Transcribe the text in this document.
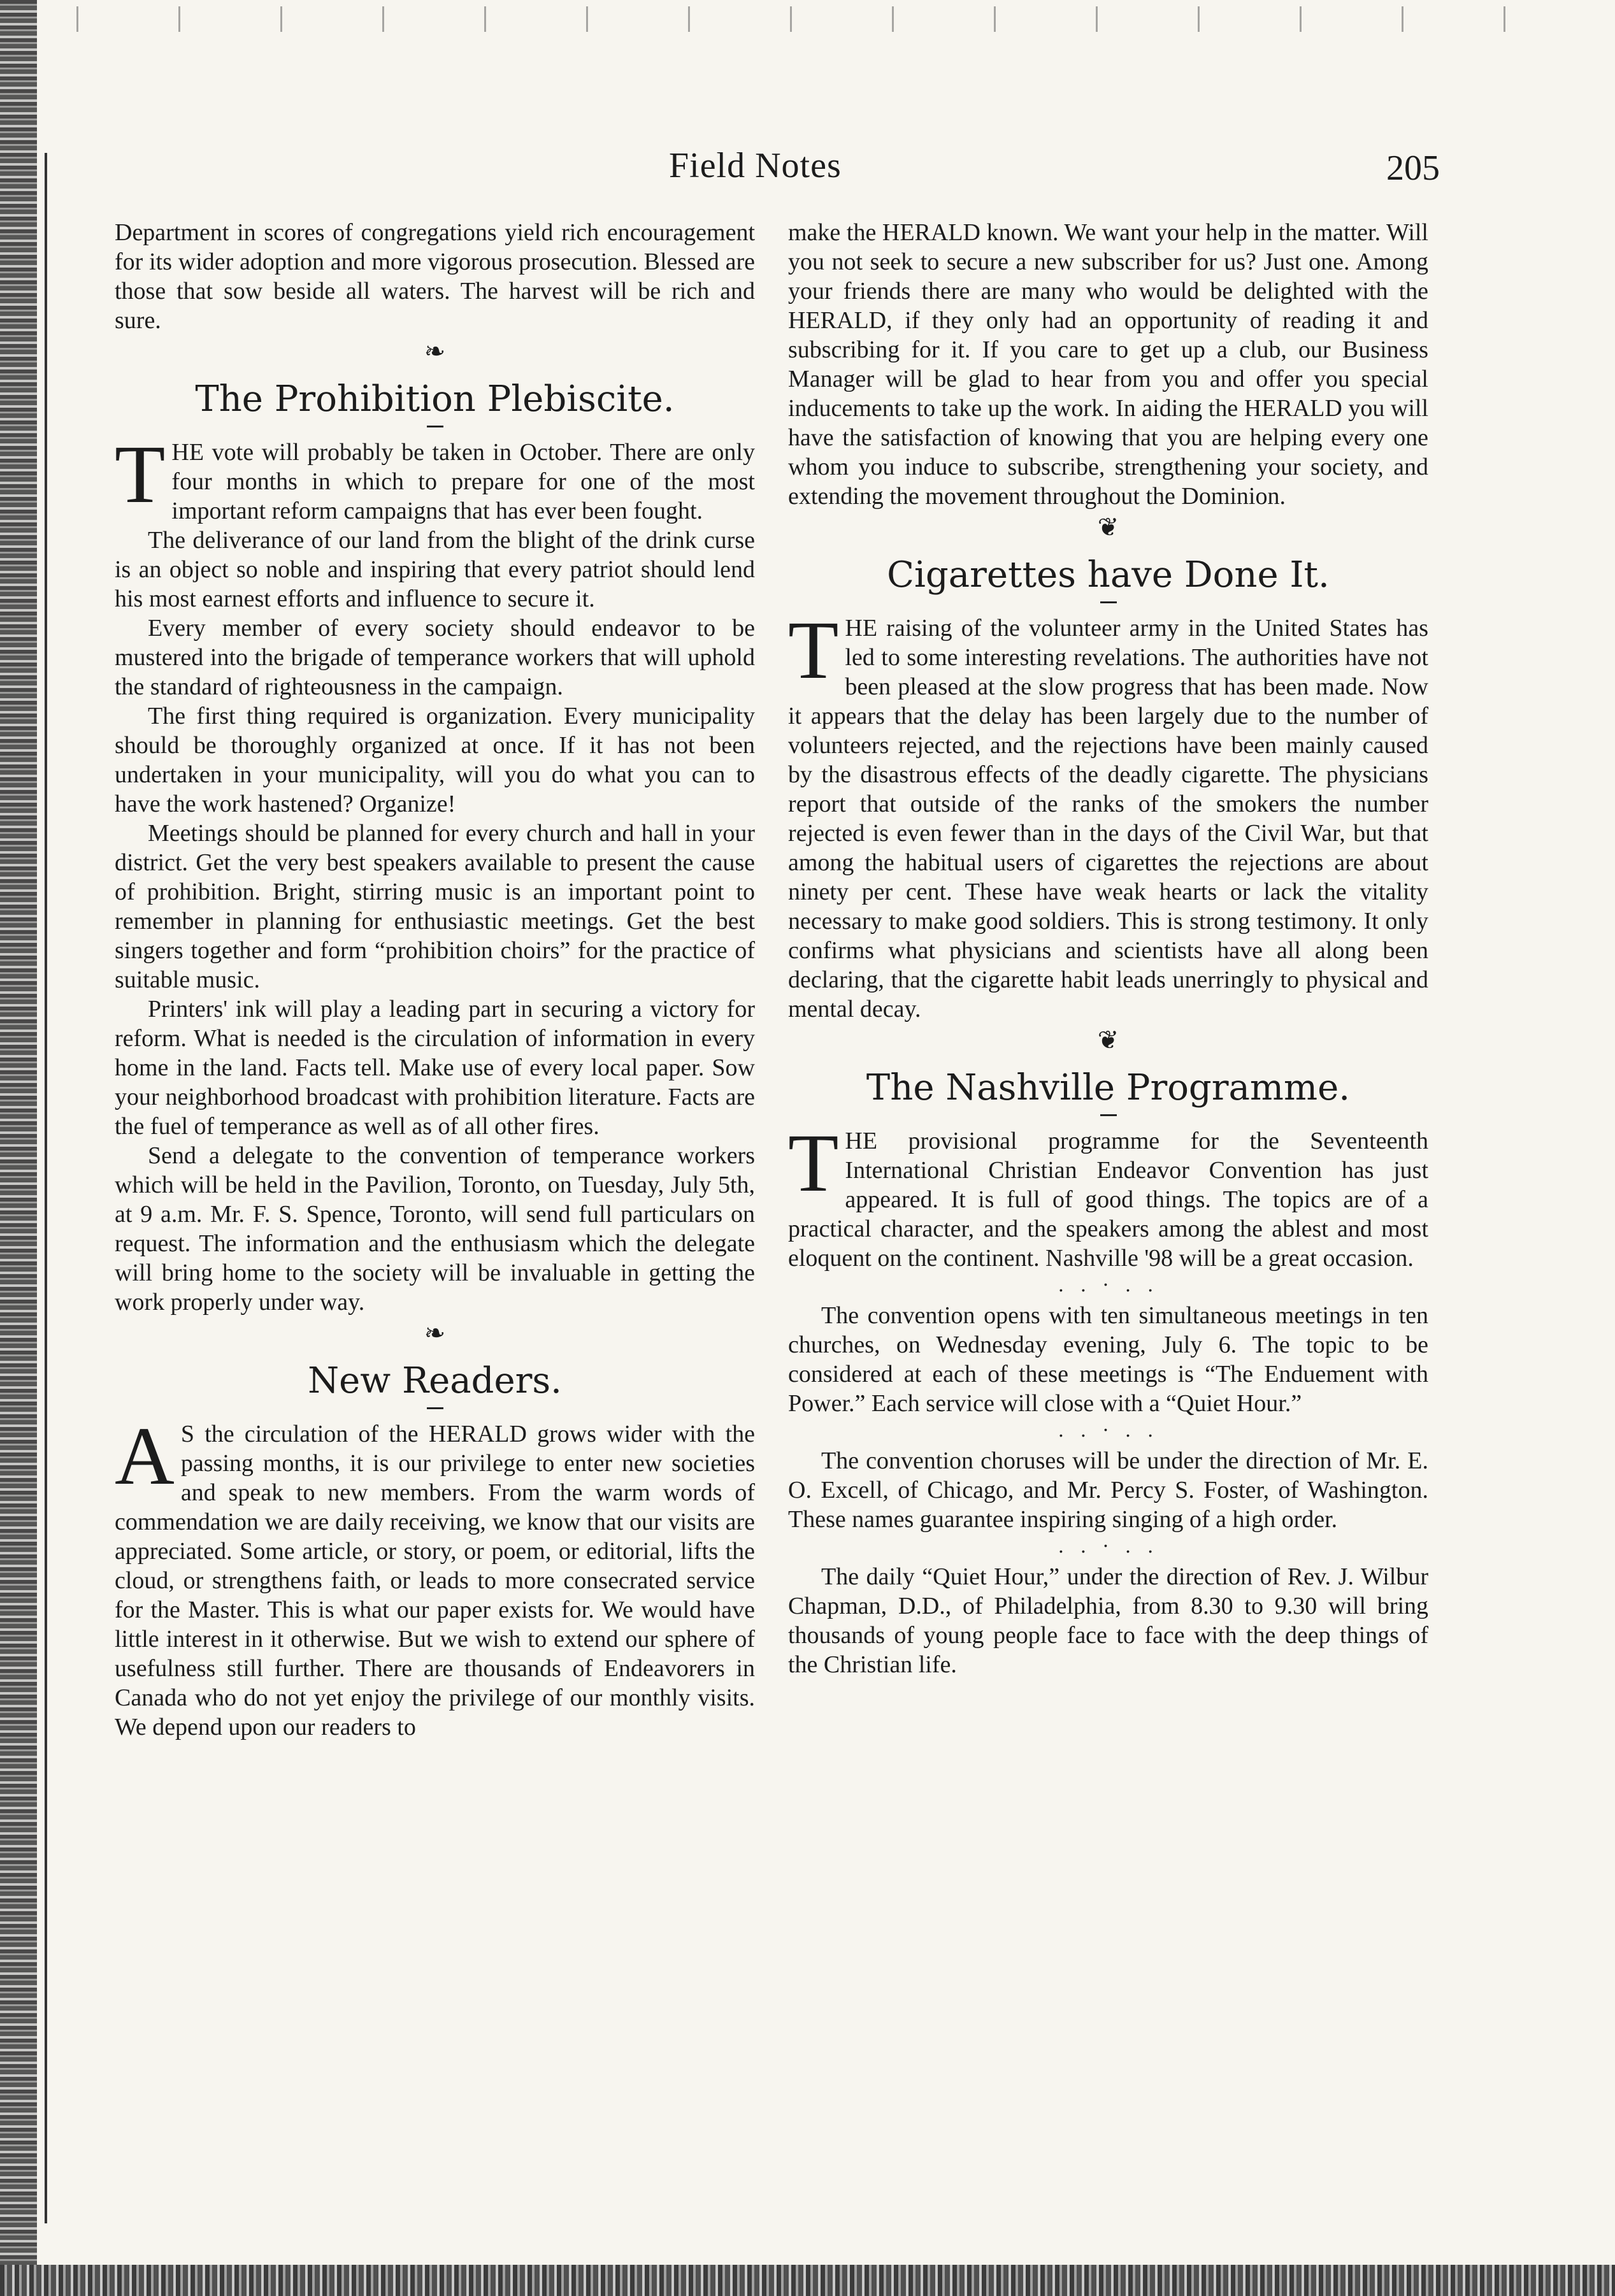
Field Notes	205

Department in scores of congregations yield rich encouragement for its wider adoption and more vigorous prosecution. Blessed are those that sow beside all waters. The harvest will be rich and sure.

❧
The Prohibition Plebiscite.

THE vote will probably be taken in October. There are only four months in which to prepare for one of the most important reform campaigns that has ever been fought.

The deliverance of our land from the blight of the drink curse is an object so noble and inspiring that every patriot should lend his most earnest efforts and influence to secure it.

Every member of every society should endeavor to be mustered into the brigade of temperance workers that will uphold the standard of righteousness in the campaign.

The first thing required is organization. Every municipality should be thoroughly organized at once. If it has not been undertaken in your municipality, will you do what you can to have the work hastened? Organize!

Meetings should be planned for every church and hall in your district. Get the very best speakers available to present the cause of prohibition. Bright, stirring music is an important point to remember in planning for enthusiastic meetings. Get the best singers together and form “prohibition choirs” for the practice of suitable music.

Printers' ink will play a leading part in securing a victory for reform. What is needed is the circulation of information in every home in the land. Facts tell. Make use of every local paper. Sow your neighborhood broadcast with prohibition literature. Facts are the fuel of temperance as well as of all other fires.

Send a delegate to the convention of temperance workers which will be held in the Pavilion, Toronto, on Tuesday, July 5th, at 9 a.m. Mr. F. S. Spence, Toronto, will send full particulars on request. The information and the enthusiasm which the delegate will bring home to the society will be invaluable in getting the work properly under way.

❧
New Readers.

A S the circulation of the HERALD grows wider with the passing months, it is our privilege to enter new societies and speak to new members. From the warm words of commendation we are daily receiving, we know that our visits are appreciated. Some article, or story, or poem, or editorial, lifts the cloud, or strengthens faith, or leads to more consecrated service for the Master. This is what our paper exists for. We would have little interest in it otherwise. But we wish to extend our sphere of usefulness still further. There are thousands of Endeavorers in Canada who do not yet enjoy the privilege of our monthly visits. We depend upon our readers to

make the HERALD known. We want your help in the matter. Will you not seek to secure a new subscriber for us? Just one. Among your friends there are many who would be delighted with the HERALD, if they only had an opportunity of reading it and subscribing for it. If you care to get up a club, our Business Manager will be glad to hear from you and offer you special inducements to take up the work. In aiding the HERALD you will have the satisfaction of knowing that you are helping every one whom you induce to subscribe, strengthening your society, and extending the movement throughout the Dominion.

❦
Cigarettes have Done It.

THE raising of the volunteer army in the United States has led to some interesting revelations. The authorities have not been pleased at the slow progress that has been made. Now it appears that the delay has been largely due to the number of volunteers rejected, and the rejections have been mainly caused by the disastrous effects of the deadly cigarette. The physicians report that outside of the ranks of the smokers the number rejected is even fewer than in the days of the Civil War, but that among the habitual users of cigarettes the rejections are about ninety per cent. These have weak hearts or lack the vitality necessary to make good soldiers. This is strong testimony. It only confirms what physicians and scientists have all along been declaring, that the cigarette habit leads unerringly to physical and mental decay.

❦
The Nashville Programme.

THE provisional programme for the Seventeenth International Christian Endeavor Convention has just appeared. It is full of good things. The topics are of a practical character, and the speakers among the ablest and most eloquent on the continent. Nashville '98 will be a great occasion.

. . · . .

The convention opens with ten simultaneous meetings in ten churches, on Wednesday evening, July 6. The topic to be considered at each of these meetings is “The Enduement with Power.” Each service will close with a “Quiet Hour.”

. . · . .

The convention choruses will be under the direction of Mr. E. O. Excell, of Chicago, and Mr. Percy S. Foster, of Washington. These names guarantee inspiring singing of a high order.

. . · . .

The daily “Quiet Hour,” under the direction of Rev. J. Wilbur Chapman, D.D., of Philadelphia, from 8.30 to 9.30 will bring thousands of young people face to face with the deep things of the Christian life.
